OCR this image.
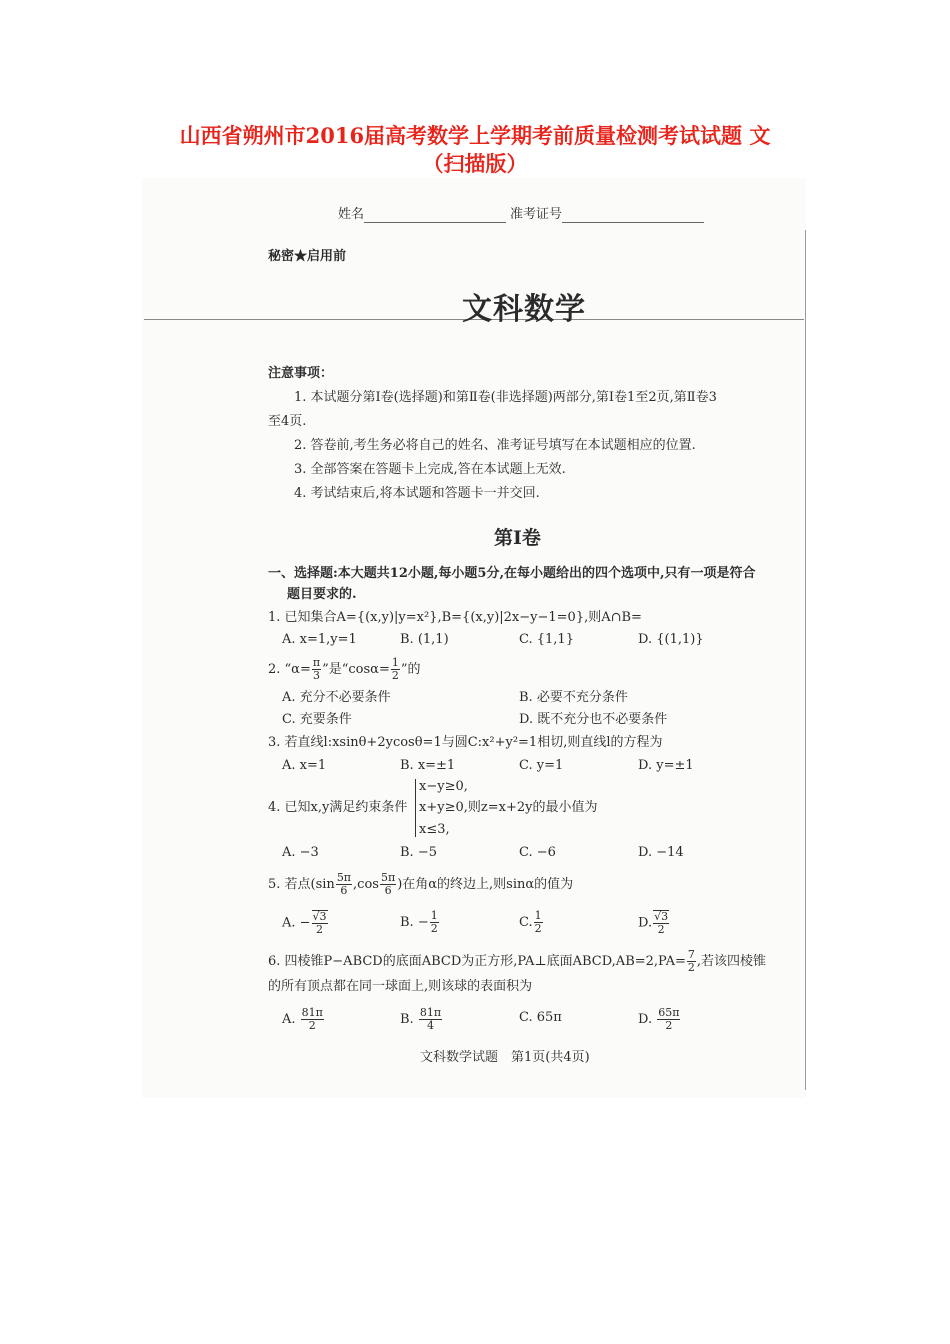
山西省朔州市2016届高考数学上学期考前质量检测考试试题 文
（扫描版）
姓名	准考证号
秘密★启用前
文科数学
注意事项：
1. 本试题分第Ⅰ卷(选择题)和第Ⅱ卷(非选择题)两部分,第Ⅰ卷1至2页,第Ⅱ卷3
至4页.
2. 答卷前,考生务必将自己的姓名、准考证号填写在本试题相应的位置.
3. 全部答案在答题卡上完成,答在本试题上无效.
4. 考试结束后,将本试题和答题卡一并交回.
第Ⅰ卷
一、选择题:本大题共12小题,每小题5分,在每小题给出的四个选项中,只有一项是符合
题目要求的.
1. 已知集合A={(x,y)|y=x²},B={(x,y)|2x−y−1=0},则A∩B=
A. x=1,y=1	B. (1,1)	C. {1,1}	D. {(1,1)}
2. “$\alpha= \frac{\pi}{3}$ ”是“$\cos\alpha= \frac{1}{2}$ ”的
A. 充分不必要条件	B. 必要不充分条件
C. 充要条件	D. 既不充分也不必要条件
3. 若直线l:xsinθ+2ycosθ=1与圆C:x²+y²=1相切,则直线l的方程为
A. x=1	B. x=±1	C. y=1	D. y=±1
4. 已知x,y满足约束条件
x−y≥0,
x+y≥0,则z=x+2y的最小值为
x≤3,
A. −3	B. −5	C. −6	D. −14
5. 若点($\sin \frac{5\pi}{6} ,\cos \frac{5\pi}{6}$ )在角α的终边上,则sinα的值为
A. − $\frac{√3}{2}$	B. − $\frac{1}{2}$	C. $\frac{1}{2}$	D. $\frac{√3}{2}$
6. 四棱锥P−ABCD的底面ABCD为正方形,PA⊥底面ABCD,AB=2,PA= $\frac{7}{2}$ ,若该四棱锥
的所有顶点都在同一球面上,则该球的表面积为
A. $\frac{81\pi}{2}$	B. $\frac{81\pi}{4}$	C. 65π	D. $\frac{65\pi}{2}$
文科数学试题　第1页(共4页)
